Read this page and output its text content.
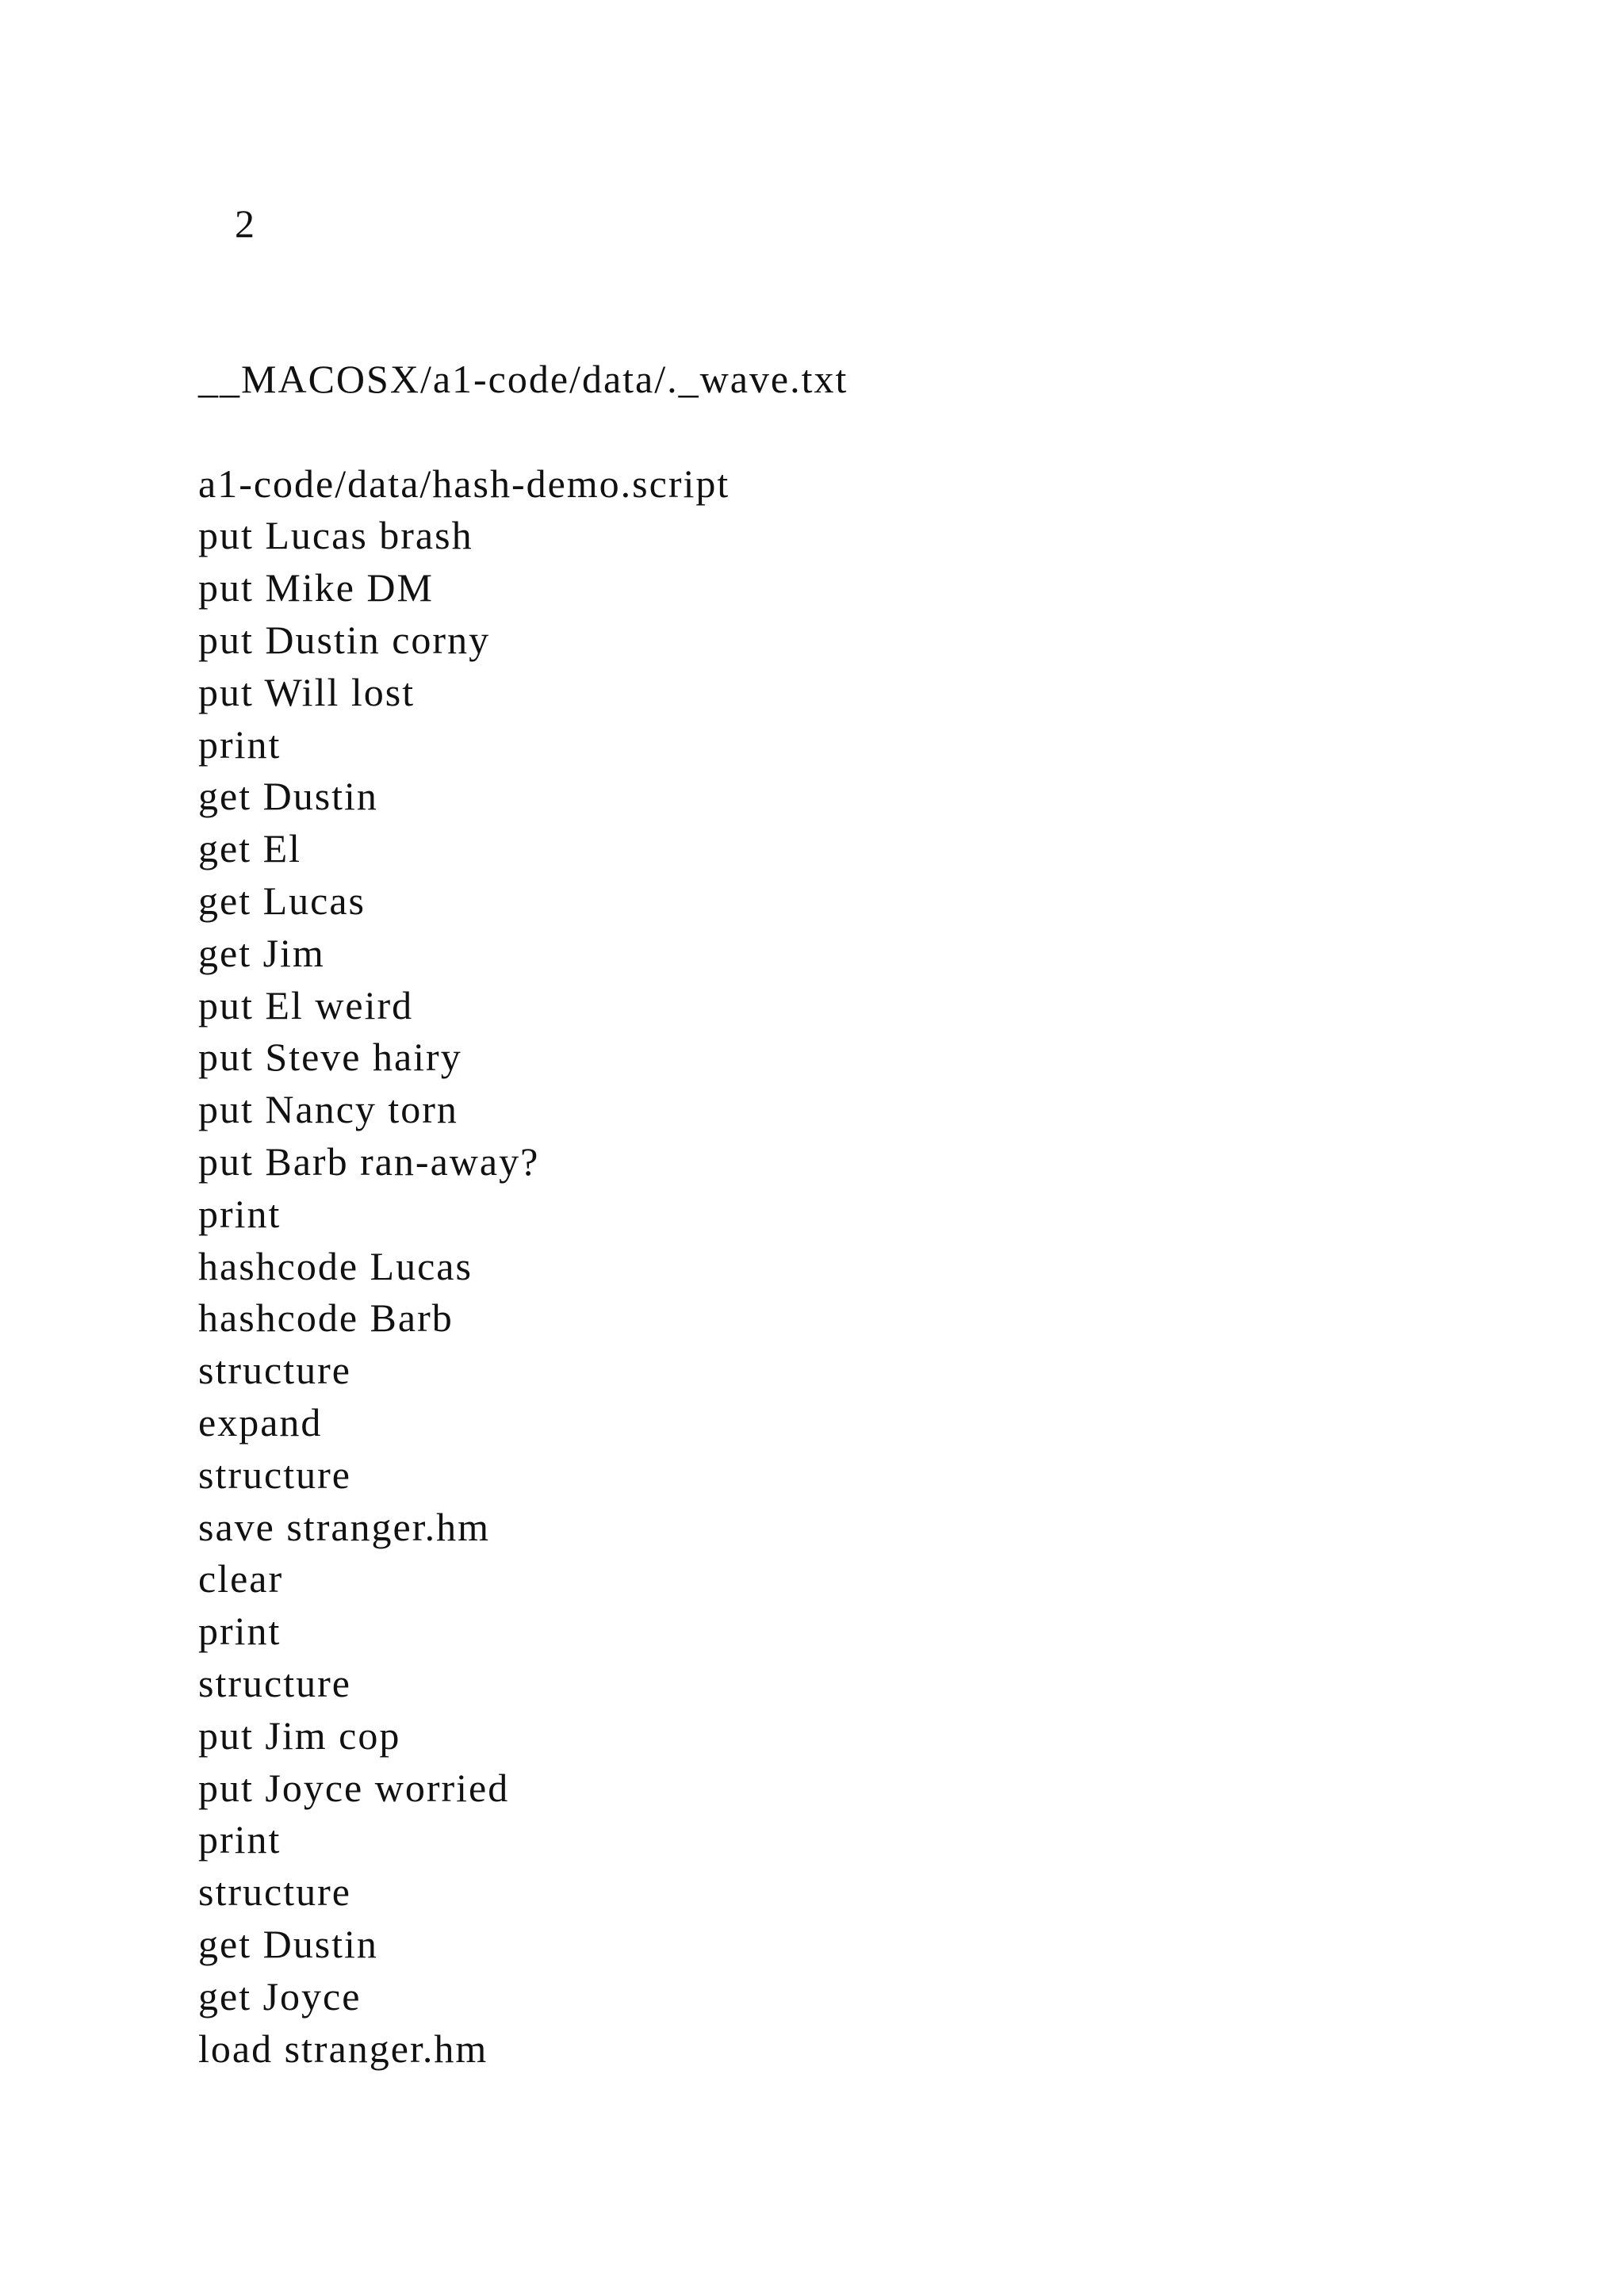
2
__MACOSX/a1-code/data/._wave.txt
a1-code/data/hash-demo.script
put Lucas brash
put Mike DM
put Dustin corny
put Will lost
print
get Dustin
get El
get Lucas
get Jim
put El weird
put Steve hairy
put Nancy torn
put Barb ran-away?
print
hashcode Lucas
hashcode Barb
structure
expand
structure
save stranger.hm
clear
print
structure
put Jim cop
put Joyce worried
print
structure
get Dustin
get Joyce
load stranger.hm
